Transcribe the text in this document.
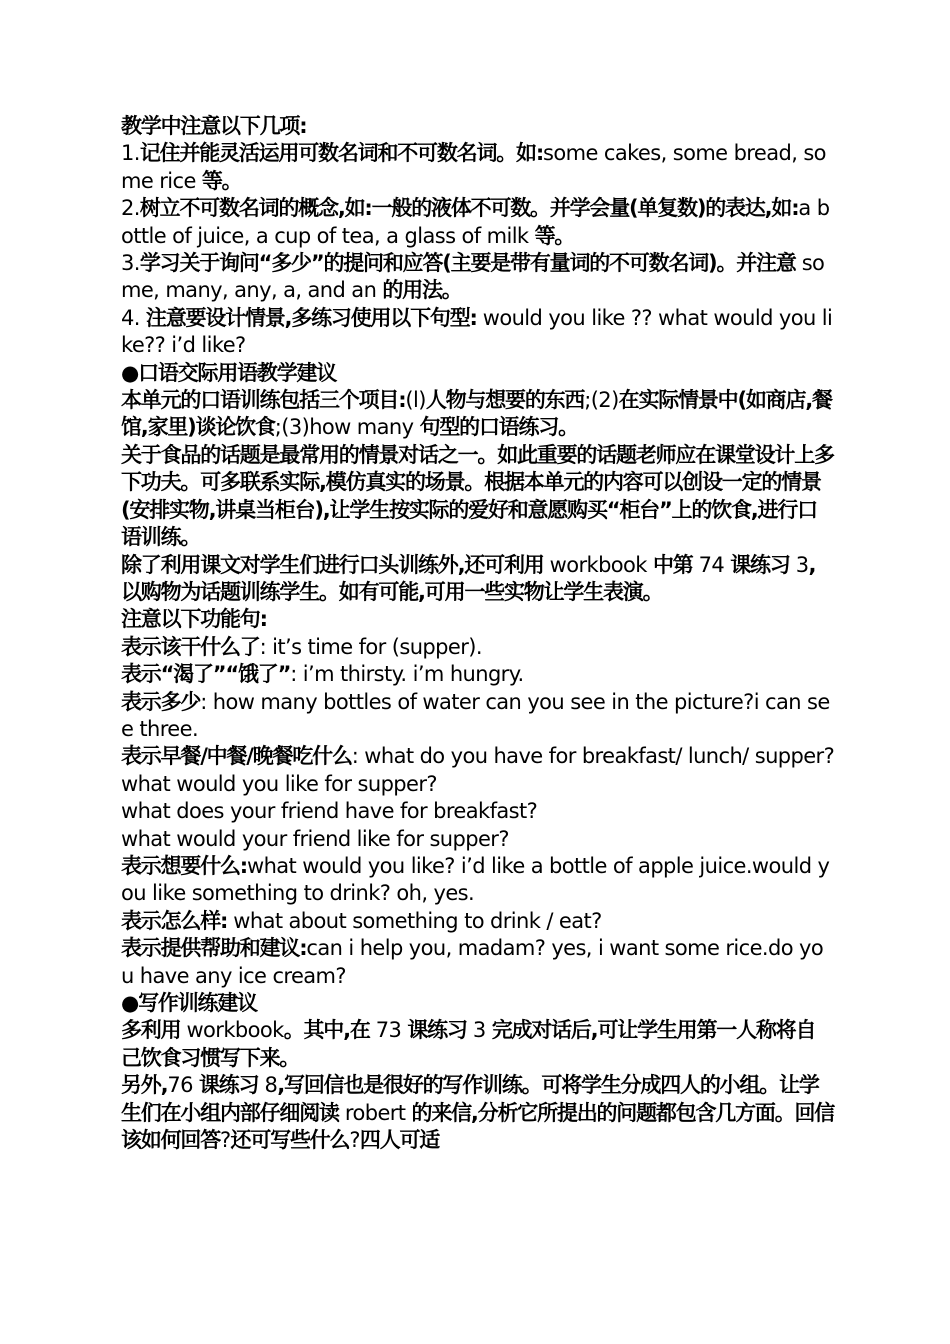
教学中注意以下几项:

1.记住并能灵活运用可数名词和不可数名词。如:some cakes, some bread, some rice 等。

2.树立不可数名词的概念,如:一般的液体不可数。并学会量(单复数)的表达,如:a bottle of juice, a cup of tea, a glass of milk 等。

3.学习关于询问“多少”的提问和应答(主要是带有量词的不可数名词)。并注意 some, many, any, a, and an 的用法。

4. 注意要设计情景,多练习使用以下句型: would you like ?? what would you like?? i’d like?

●口语交际用语教学建议

本单元的口语训练包括三个项目:(l)人物与想要的东西;(2)在实际情景中(如商店,餐馆,家里)谈论饮食;(3)how many 句型的口语练习。

关于食品的话题是最常用的情景对话之一。如此重要的话题老师应在课堂设计上多下功夫。可多联系实际,模仿真实的场景。根据本单元的内容可以创设一定的情景(安排实物,讲桌当柜台),让学生按实际的爱好和意愿购买“柜台”上的饮食,进行口语训练。

除了利用课文对学生们进行口头训练外,还可利用 workbook 中第 74 课练习 3,以购物为话题训练学生。如有可能,可用一些实物让学生表演。

注意以下功能句:

表示该干什么了: it’s time for (supper).

表示“渴了”“饿了”: i’m thirsty. i’m hungry.

表示多少: how many bottles of water can you see in the picture?i can see three.

表示早餐/中餐/晚餐吃什么: what do you have for breakfast/ lunch/ supper?

what would you like for supper?

what does your friend have for breakfast?

what would your friend like for supper?

表示想要什么:what would you like? i’d like a bottle of apple juice.would you like something to drink? oh, yes.

表示怎么样: what about something to drink / eat?

表示提供帮助和建议:can i help you, madam? yes, i want some rice.do you have any ice cream?

●写作训练建议

多利用 workbook。其中,在 73 课练习 3 完成对话后,可让学生用第一人称将自己饮食习惯写下来。

另外,76 课练习 8,写回信也是很好的写作训练。可将学生分成四人的小组。让学生们在小组内部仔细阅读 robert 的来信,分析它所提出的问题都包含几方面。回信该如何回答?还可写些什么?四人可适
